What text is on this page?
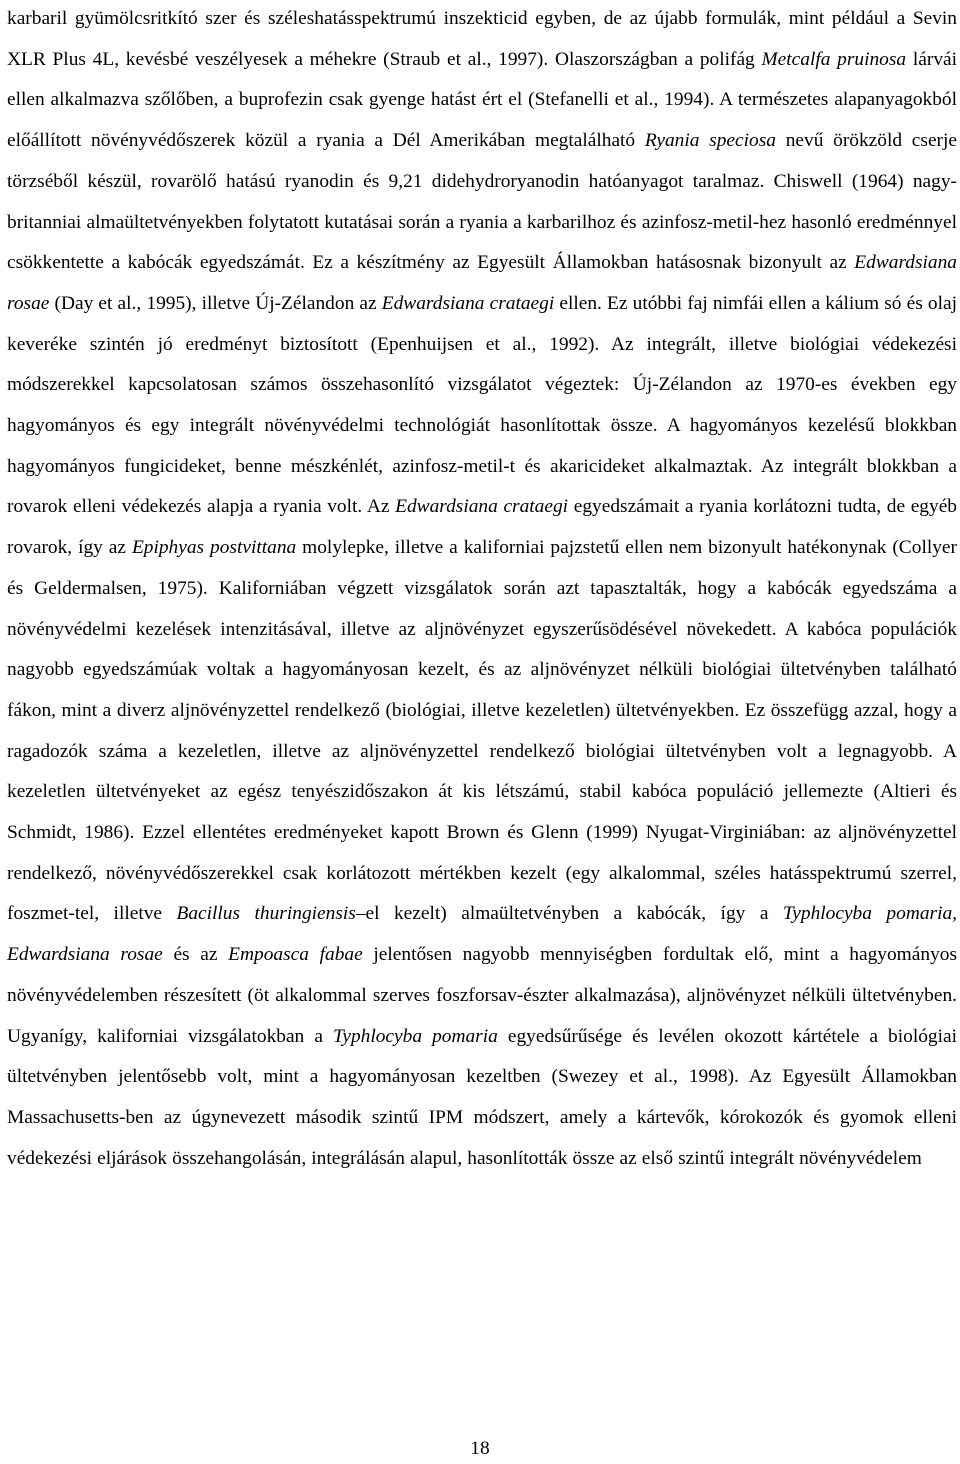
karbaril gyümölcsritkító szer és széleshatásspektrumú inszekticid egyben, de az újabb formulák, mint például a Sevin XLR Plus 4L, kevésbé veszélyesek a méhekre (Straub et al., 1997). Olaszországban a polifág Metcalfa pruinosa lárvái ellen alkalmazva szőlőben, a buprofezin csak gyenge hatást ért el (Stefanelli et al., 1994). A természetes alapanyagokból előállított növényvédőszerek közül a ryania a Dél Amerikában megtalálható Ryania speciosa nevű örökzöld cserje törzséből készül, rovarölő hatású ryanodin és 9,21 didehydroryanodin hatóanyagot taralmaz. Chiswell (1964) nagy-britanniai almaültetvényekben folytatott kutatásai során a ryania a karbarilhoz és azinfosz-metil-hez hasonló eredménnyel csökkentette a kabócák egyedszámát. Ez a készítmény az Egyesült Államokban hatásosnak bizonyult az Edwardsiana rosae (Day et al., 1995), illetve Új-Zélandon az Edwardsiana crataegi ellen. Ez utóbbi faj nimfái ellen a kálium só és olaj keveréke szintén jó eredményt biztosított (Epenhuijsen et al., 1992). Az integrált, illetve biológiai védekezési módszerekkel kapcsolatosan számos összehasonlító vizsgálatot végeztek: Új-Zélandon az 1970-es években egy hagyományos és egy integrált növényvédelmi technológiát hasonlítottak össze. A hagyományos kezelésű blokkban hagyományos fungicideket, benne mészkénlét, azinfosz-metil-t és akaricideket alkalmaztak. Az integrált blokkban a rovarok elleni védekezés alapja a ryania volt. Az Edwardsiana crataegi egyedszámait a ryania korlátozni tudta, de egyéb rovarok, így az Epiphyas postvittana molylepke, illetve a kaliforniai pajzstetű ellen nem bizonyult hatékonynak (Collyer és Geldermalsen, 1975). Kaliforniában végzett vizsgálatok során azt tapasztalták, hogy a kabócák egyedszáma a növényvédelmi kezelések intenzitásával, illetve az aljnövényzet egyszerűsödésével növekedett. A kabóca populációk nagyobb egyedszámúak voltak a hagyományosan kezelt, és az aljnövényzet nélküli biológiai ültetvényben található fákon, mint a diverz aljnövényzettel rendelkező (biológiai, illetve kezeletlen) ültetvényekben. Ez összefügg azzal, hogy a ragadozók száma a kezeletlen, illetve az aljnövényzettel rendelkező biológiai ültetvényben volt a legnagyobb. A kezeletlen ültetvényeket az egész tenyészidőszakon át kis létszámú, stabil kabóca populáció jellemezte (Altieri és Schmidt, 1986). Ezzel ellentétes eredményeket kapott Brown és Glenn (1999) Nyugat-Virginiában: az aljnövényzettel rendelkező, növényvédőszerekkel csak korlátozott mértékben kezelt (egy alkalommal, széles hatásspektrumú szerrel, foszmet-tel, illetve Bacillus thuringiensis–el kezelt) almaültetvényben a kabócák, így a Typhlocyba pomaria, Edwardsiana rosae és az Empoasca fabae jelentősen nagyobb mennyiségben fordultak elő, mint a hagyományos növényvédelemben részesített (öt alkalommal szerves foszforsav-észter alkalmazása), aljnövényzet nélküli ültetvényben. Ugyanígy, kaliforniai vizsgálatokban a Typhlocyba pomaria egyedsűrűsége és levélen okozott kártétele a biológiai ültetvényben jelentősebb volt, mint a hagyományosan kezeltben (Swezey et al., 1998). Az Egyesült Államokban Massachusetts-ben az úgynevezett második szintű IPM módszert, amely a kártevők, kórokozók és gyomok elleni védekezési eljárások összehangolásán, integrálásán alapul, hasonlították össze az első szintű integrált növényvédelem

18
